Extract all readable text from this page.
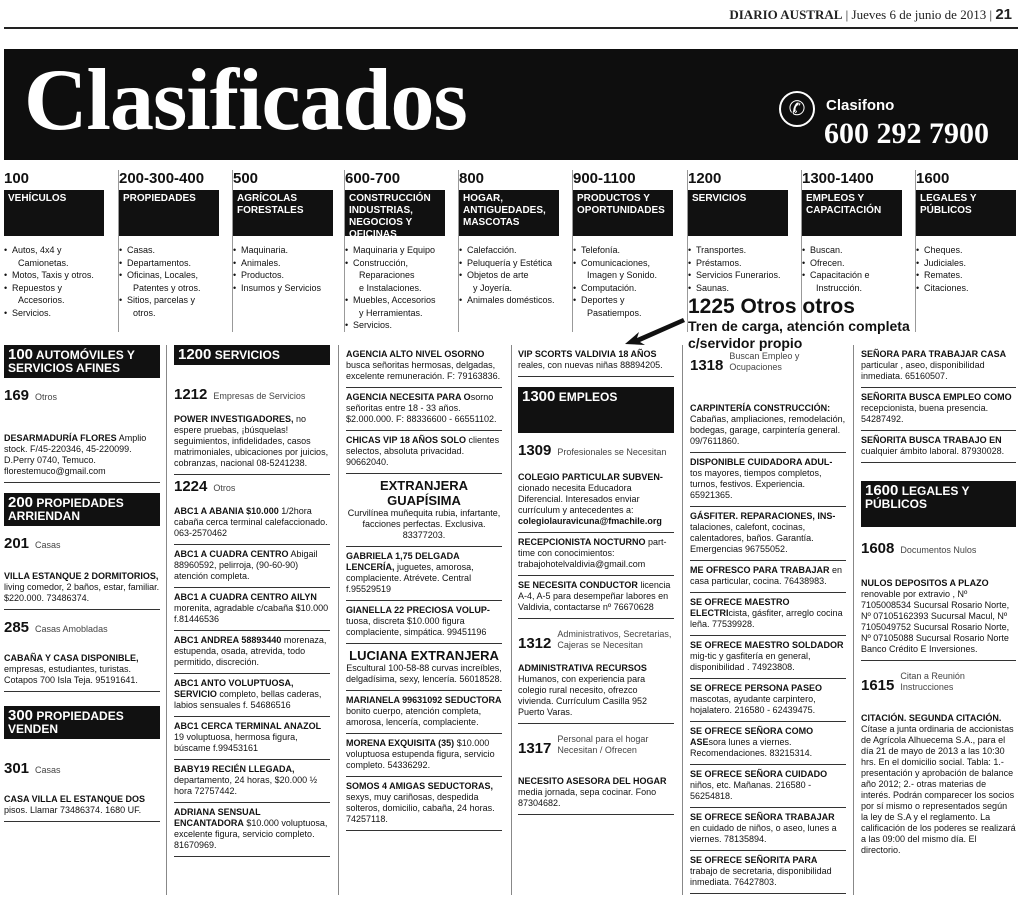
DIARIO AUSTRAL | Jueves 6 de junio de 2013 | 21
Clasificados	✆	Clasifono
600 292 7900
100
VEHÍCULOS
• Autos, 4x4 y
Camionetas.
• Motos, Taxis y otros.
• Repuestos y
Accesorios.
• Servicios.
200-300-400
PROPIEDADES
• Casas.
• Departamentos.
• Oficinas, Locales,
Patentes y otros.
• Sitios, parcelas y
otros.
500
AGRÍCOLAS FORESTALES
• Maquinaria.
• Animales.
• Productos.
• Insumos y Servicios
600-700
CONSTRUCCIÓN INDUSTRIAS, NEGOCIOS Y OFICINAS
• Maquinaria y Equipo
• Construcción,
Reparaciones
e Instalaciones.
• Muebles, Accesorios
y Herramientas.
• Servicios.
800
HOGAR, ANTIGUEDADES, MASCOTAS
• Calefacción.
• Peluquería y Estética
• Objetos de arte
y Joyería.
• Animales domésticos.
900-1100
PRODUCTOS Y OPORTUNIDADES
• Telefonía.
• Comunicaciones,
Imagen y Sonido.
• Computación.
• Deportes y
Pasatiempos.
1200
SERVICIOS
• Transportes.
• Préstamos.
• Servicios Funerarios.
• Saunas.
1300-1400
EMPLEOS Y CAPACITACIÓN
• Buscan.
• Ofrecen.
• Capacitación e
Instrucción.
1600
LEGALES Y PÚBLICOS
• Cheques.
• Judiciales.
• Remates.
• Citaciones.
1225 Otros otros
Tren de carga, atención completa
c/servidor propio
100 AUTOMÓVILES Y SERVICIOS AFINES
169 Otros
DESARMADURÍA FLORES Amplio stock. F/45-220346, 45-220099. D.Perry 0740, Temuco. florestemuco@gmail.com
200 PROPIEDADES ARRIENDAN
201 Casas
VILLA ESTANQUE 2 DORMITORIOS, living comedor, 2 baños, estar, familiar. $220.000. 73486374.
285 Casas Amobladas
CABAÑA Y CASA DISPONIBLE, empresas, estudiantes, turistas. Cotapos 700 Isla Teja. 95191641.
300 PROPIEDADES VENDEN
301 Casas
CASA VILLA EL ESTANQUE DOS pisos. Llamar 73486374. 1680 UF.
1200 SERVICIOS
1212 Empresas de Servicios
POWER INVESTIGADORES, no espere pruebas, ¡búsquelas! seguimientos, infidelidades, casos matrimoniales, ubicaciones por juicios, cobranzas, nacional 08-5241238.
1224 Otros
ABC1 A ABANIA $10.000 1/2hora cabaña cerca terminal calefaccionado. 063-2570462
ABC1 A CUADRA CENTRO Abigail 88960592, pelirroja, (90-60-90) atención completa.
ABC1 A CUADRA CENTRO AILYN morenita, agradable c/cabaña $10.000 f.81446536
ABC1 ANDREA 58893440 morenaza, estupenda, osada, atrevida, todo permitido, discreción.
ABC1 ANTO VOLUPTUOSA, SERVICIO completo, bellas caderas, labios sensuales f. 54686516
ABC1 CERCA TERMINAL ANAZOL 19 voluptuosa, hermosa figura, búscame f.99453161
BABY19 RECIÉN LLEGADA, departamento, 24 horas, $20.000 ½ hora 72757442.
ADRIANA SENSUAL ENCANTADORA $10.000 voluptuosa, excelente figura, servicio completo. 81670969.
AGENCIA ALTO NIVEL OSORNO busca señoritas hermosas, delgadas, excelente remuneración. F: 79163836.
AGENCIA NECESITA PARA Osorno señoritas entre 18 - 33 años. $2.000.000. F: 88336600 - 66551102.
CHICAS VIP 18 AÑOS SOLO clientes selectos, absoluta privacidad. 90662040.
EXTRANJERA GUAPÍSIMA
Curvilínea muñequita rubia, infartante, facciones perfectas. Exclusiva. 83377203.
GABRIELA 1,75 DELGADA LENCERÍA, juguetes, amorosa, complaciente. Atrévete. Central f.95529519
GIANELLA 22 PRECIOSA VOLUP-tuosa, discreta $10.000 figura complaciente, simpática. 99451196
LUCIANA EXTRANJERA
Escultural 100-58-88 curvas increíbles, delgadísima, sexy, lencería. 56018528.
MARIANELA 99631092 SEDUCTORA bonito cuerpo, atención completa, amorosa, lencería, complaciente.
MORENA EXQUISITA (35) $10.000 voluptuosa estupenda figura, servicio completo. 54336292.
SOMOS 4 AMIGAS SEDUCTORAS, sexys, muy cariñosas, despedida solteros, domicilio, cabaña, 24 horas. 74257118.
VIP SCORTS VALDIVIA 18 AÑOS reales, con nuevas niñas 88894205.
1300 EMPLEOS
1309 Profesionales se Necesitan
COLEGIO PARTICULAR SUBVEN- cionado necesita Educadora Diferencial. Interesados enviar currículum y antecedentes a: colegiolauravicuna@fmachile.org
RECEPCIONISTA NOCTURNO part-time con conocimientos: trabajohotelvaldivia@gmail.com
SE NECESITA CONDUCTOR licencia A-4, A-5 para desempeñar labores en Valdivia, contactarse nº 76670628
1312
Administrativos, Secretarias, Cajeras se Necesitan
ADMINISTRATIVA RECURSOS Humanos, con experiencia para colegio rural necesito, ofrezco vivienda. Currículum Casilla 952 Puerto Varas.
1317
Personal para el hogar Necesitan / Ofrecen
NECESITO ASESORA DEL HOGAR media jornada, sepa cocinar. Fono 87304682.
1318
Buscan Empleo y Ocupaciones
CARPINTERÍA CONSTRUCCIÓN: Cabañas, ampliaciones, remodelación, bodegas, garage, carpintería general. 09/7611860.
DISPONIBLE CUIDADORA ADUL- tos mayores, tiempos completos, turnos, festivos. Experiencia. 65921365.
GÁSFITER. REPARACIONES, INS- talaciones, calefont, cocinas, calentadores, baños. Garantía. Emergencias 96755052.
ME OFRESCO PARA TRABAJAR en casa particular, cocina. 76438983.
SE OFRECE MAESTRO ELECTRIcista, gásfiter, arreglo cocina leña. 77539928.
SE OFRECE MAESTRO SOLDADOR mig-tic y gasfitería en general, disponibilidad . 74923808.
SE OFRECE PERSONA PASEO mascotas, ayudante carpintero, hojalatero. 216580 - 62439475.
SE OFRECE SEÑORA COMO ASEsora lunes a viernes. Recomendaciones. 83215314.
SE OFRECE SEÑORA CUIDADO niños, etc. Mañanas. 216580 - 56254818.
SE OFRECE SEÑORA TRABAJAR en cuidado de niños, o aseo, lunes a viernes. 78135894.
SE OFRECE SEÑORITA PARA trabajo de secretaria, disponibilidad inmediata. 76427803.
SEÑORA PARA TRABAJAR CASA particular , aseo, disponibilidad inmediata. 65160507.
SEÑORITA BUSCA EMPLEO COMO recepcionista, buena presencia. 54287492.
SEÑORITA BUSCA TRABAJO EN cualquier ámbito laboral. 87930028.
1600 LEGALES Y PÚBLICOS
1608 Documentos Nulos
NULOS DEPOSITOS A PLAZO renovable por extravio , Nº 7105008534 Sucursal Rosario Norte, Nº 07105162393 Sucursal Macul, Nº 7105049752 Sucursal Rosario Norte, Nº 07105088 Sucursal Rosario Norte Banco Crédito E Inversiones.
1615
Citan a Reunión Instrucciones
CITACIÓN. SEGUNDA CITACIÓN. Cítase a junta ordinaria de accionistas de Agrícola Alhuecema S.A., para el día 21 de mayo de 2013 a las 10:30 hrs. En el domicilio social. Tabla: 1.- presentación y aprobación de balance año 2012; 2.- otras materias de interés. Podrán comparecer los socios por sí mismo o representados según la ley de S.A y el reglamento. La calificación de los poderes se realizará a las 09:00 del mismo día. El directorio.
